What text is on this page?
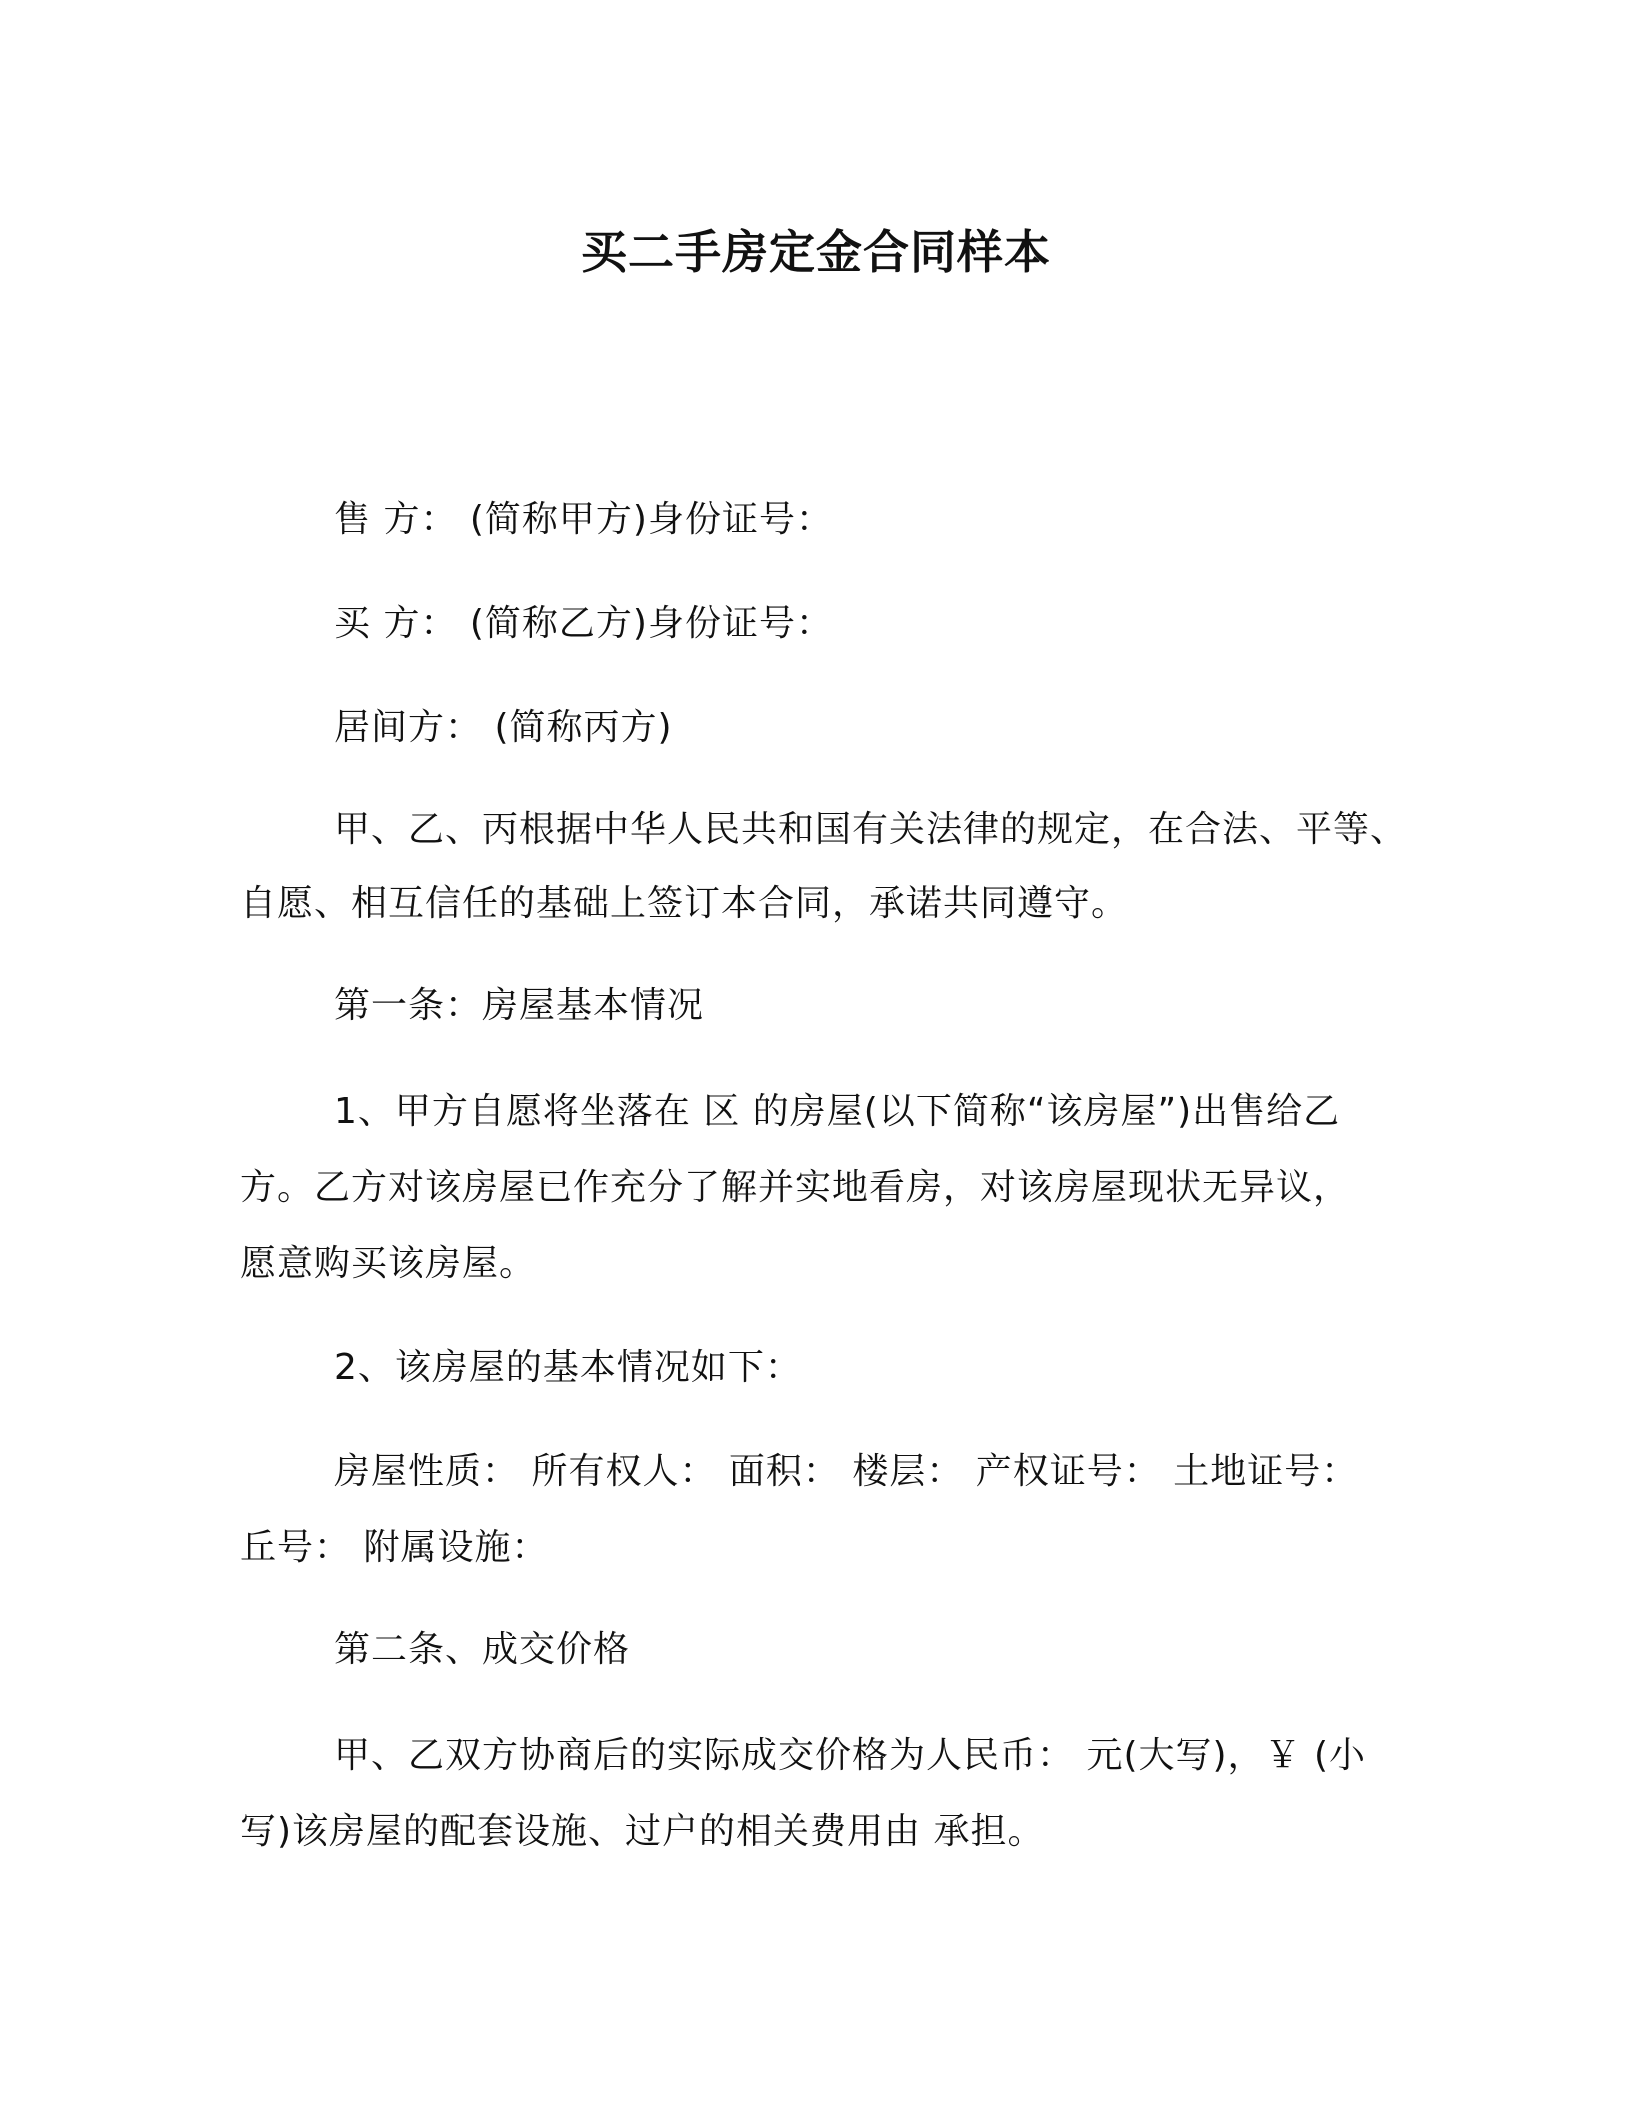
买二手房定金合同样本
售 方： (简称甲方)身份证号：
买 方： (简称乙方)身份证号：
居间方： (简称丙方)
甲、乙、丙根据中华人民共和国有关法律的规定，在合法、平等、
自愿、相互信任的基础上签订本合同，承诺共同遵守。
第一条：房屋基本情况
1、甲方自愿将坐落在 区 的房屋(以下简称“该房屋”)出售给乙
方。乙方对该房屋已作充分了解并实地看房，对该房屋现状无异议，
愿意购买该房屋。
2、该房屋的基本情况如下：
房屋性质： 所有权人： 面积： 楼层： 产权证号： 土地证号：
丘号： 附属设施：
第二条、成交价格
甲、乙双方协商后的实际成交价格为人民币： 元(大写)，￥ (小
写)该房屋的配套设施、过户的相关费用由 承担。
